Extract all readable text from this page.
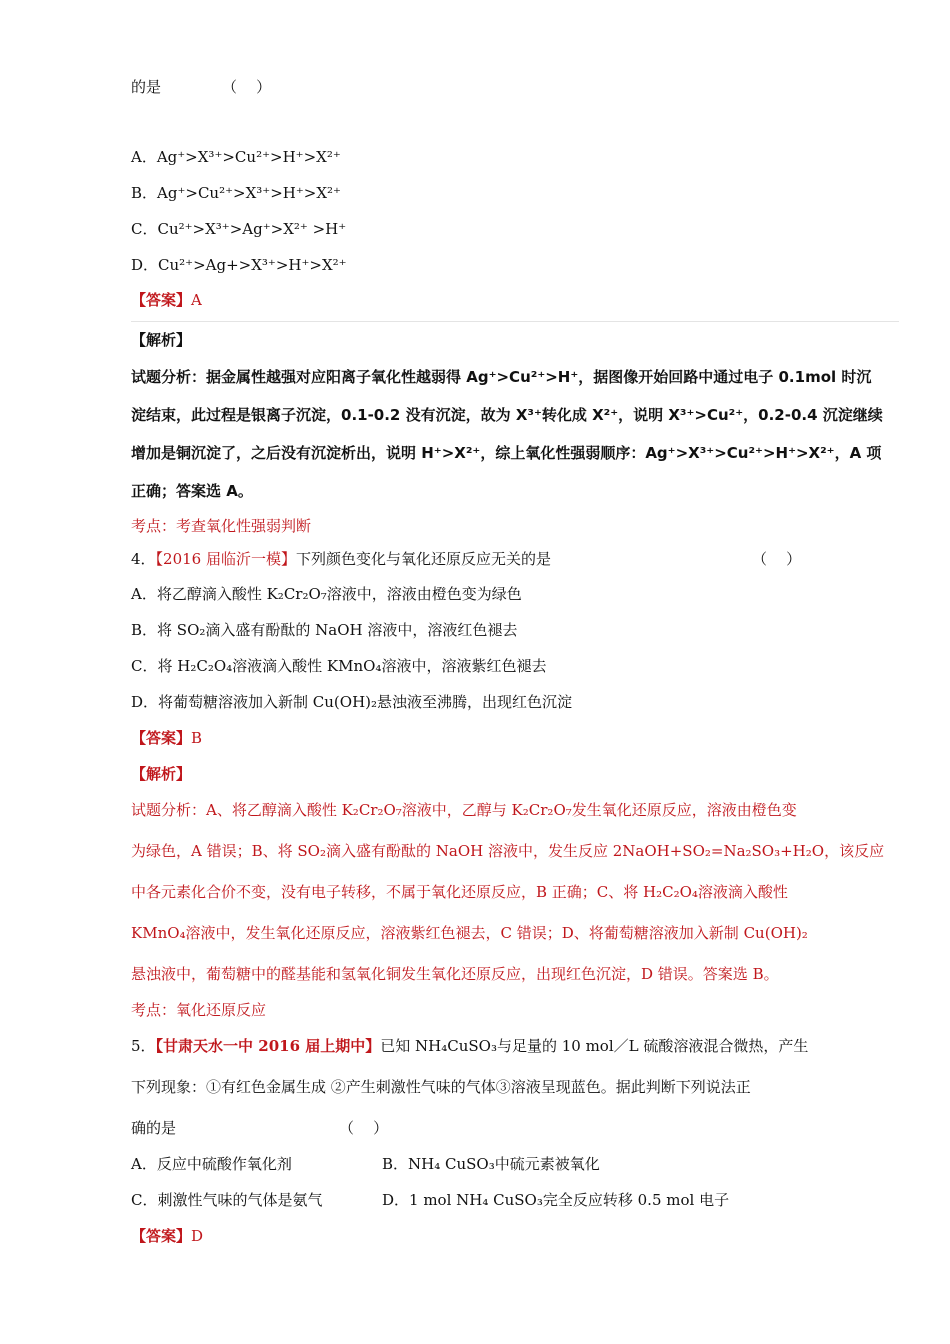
的是	（    ）
A．Ag⁺>X³⁺>Cu²⁺>H⁺>X²⁺
B．Ag⁺>Cu²⁺>X³⁺>H⁺>X²⁺
C．Cu²⁺>X³⁺>Ag⁺>X²⁺ >H⁺
D．Cu²⁺>Ag+>X³⁺>H⁺>X²⁺
【答案】A
【解析】
试题分析：据金属性越强对应阳离子氧化性越弱得 Ag⁺>Cu²⁺>H⁺，据图像开始回路中通过电子 0.1mol 时沉
淀结束，此过程是银离子沉淀，0.1-0.2 没有沉淀，故为 X³⁺转化成 X²⁺，说明 X³⁺>Cu²⁺，0.2-0.4 沉淀继续
增加是铜沉淀了，之后没有沉淀析出，说明 H⁺>X²⁺，综上氧化性强弱顺序：Ag⁺>X³⁺>Cu²⁺>H⁺>X²⁺，A 项
正确；答案选 A。
考点：考查氧化性强弱判断
4．【2016 届临沂一模】下列颜色变化与氧化还原反应无关的是	（    ）
A．将乙醇滴入酸性 K₂Cr₂O₇溶液中，溶液由橙色变为绿色
B．将 SO₂滴入盛有酚酞的 NaOH 溶液中，溶液红色褪去
C．将 H₂C₂O₄溶液滴入酸性 KMnO₄溶液中，溶液紫红色褪去
D．将葡萄糖溶液加入新制 Cu(OH)₂悬浊液至沸腾，出现红色沉淀
【答案】B
【解析】
试题分析：A、将乙醇滴入酸性 K₂Cr₂O₇溶液中，乙醇与 K₂Cr₂O₇发生氧化还原反应，溶液由橙色变
为绿色，A 错误；B、将 SO₂滴入盛有酚酞的 NaOH 溶液中，发生反应 2NaOH+SO₂=Na₂SO₃+H₂O，该反应
中各元素化合价不变，没有电子转移，不属于氧化还原反应，B 正确；C、将 H₂C₂O₄溶液滴入酸性
KMnO₄溶液中，发生氧化还原反应，溶液紫红色褪去，C 错误；D、将葡萄糖溶液加入新制 Cu(OH)₂
悬浊液中，葡萄糖中的醛基能和氢氧化铜发生氧化还原反应，出现红色沉淀，D 错误。答案选 B。
考点：氧化还原反应
5．【甘肃天水一中 2016 届上期中】已知 NH₄CuSO₃与足量的 10 mol／L 硫酸溶液混合微热，产生
下列现象：①有红色金属生成 ②产生刺激性气味的气体③溶液呈现蓝色。据此判断下列说法正
确的是	（    ）
A．反应中硫酸作氧化剂	B．NH₄ CuSO₃中硫元素被氧化
C．刺激性气味的气体是氨气	D．1 mol NH₄ CuSO₃完全反应转移 0.5 mol 电子
【答案】D
